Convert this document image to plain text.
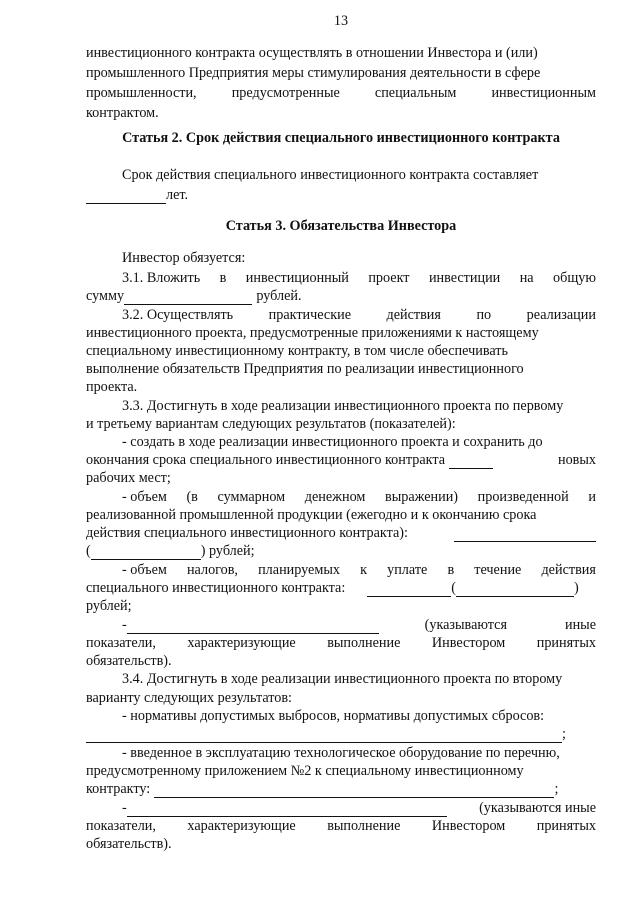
13
инвестиционного контракта осуществлять в отношении Инвестора и (или)
промышленного Предприятия меры стимулирования деятельности в сфере
промышленности, предусмотренные специальным инвестиционным
контрактом.
Статья 2. Срок действия специального инвестиционного контракта
Срок действия специального инвестиционного контракта составляет
лет.
Статья 3. Обязательства Инвестора
Инвестор обязуется:
3.1. Вложить в инвестиционный проект инвестиции на общую
сумму	рублей.
3.2. Осуществлять	практические	действия	по	реализации
инвестиционного проекта, предусмотренные приложениями к настоящему
специальному инвестиционному контракту, в том числе обеспечивать
выполнение обязательств Предприятия по реализации инвестиционного
проекта.
3.3. Достигнуть в ходе реализации инвестиционного проекта по первому
и третьему вариантам следующих результатов (показателей):
- создать в ходе реализации инвестиционного проекта и сохранить до
окончания срока специального инвестиционного контракта	новых
рабочих мест;
- объем (в суммарном денежном выражении) произведенной и
реализованной промышленной продукции (ежегодно и к окончанию срока
действия специального инвестиционного контракта):
(	) рублей;
- объем налогов, планируемых к уплате в течение действия
специального инвестиционного контракта:	(	)
рублей;
-	(указываются	иные
показатели, характеризующие выполнение Инвестором принятых
обязательств).
3.4. Достигнуть в ходе реализации инвестиционного проекта по второму
варианту следующих результатов:
- нормативы допустимых выбросов, нормативы допустимых сбросов:
;
- введенное в эксплуатацию технологическое оборудование по перечню,
предусмотренному приложением №2 к специальному инвестиционному
контракту:	;
-	(указываются иные
показатели, характеризующие выполнение Инвестором принятых
обязательств).
